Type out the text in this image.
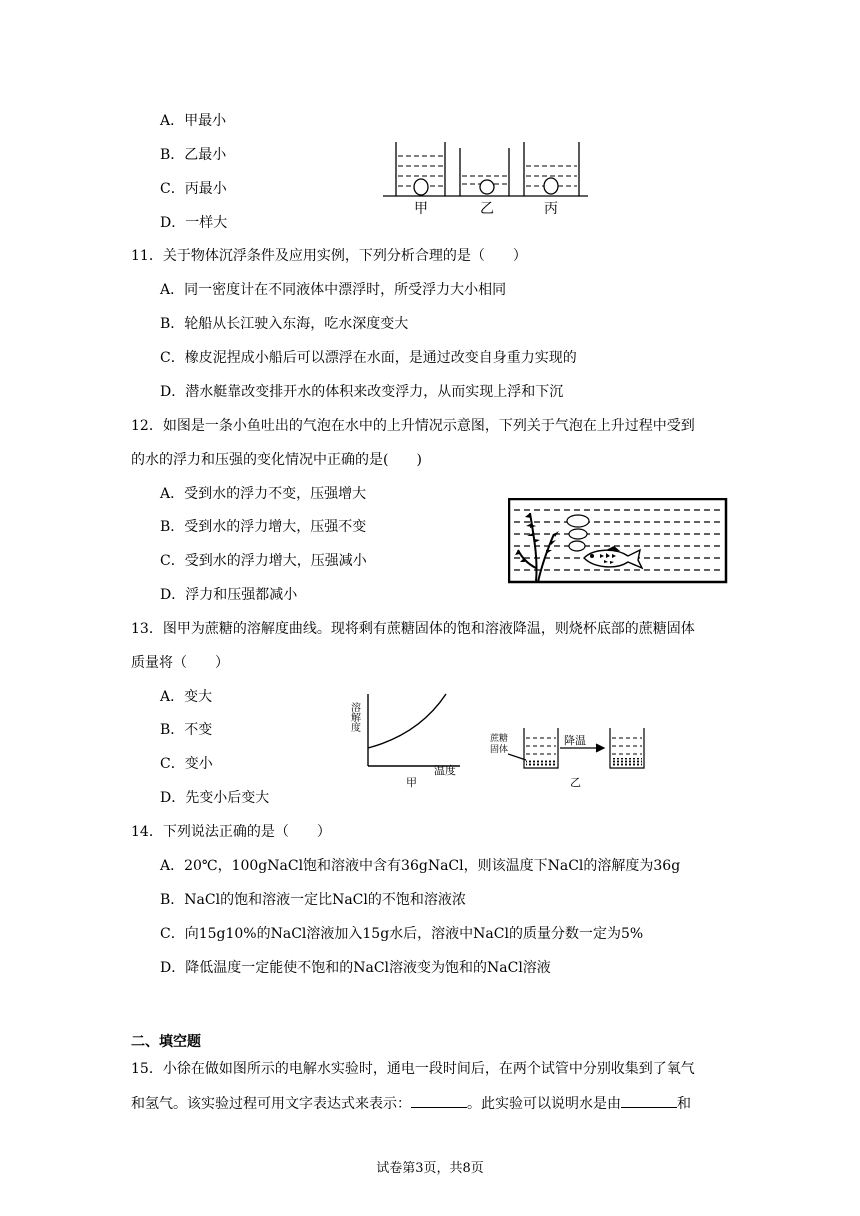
A．甲最小
B．乙最小
C．丙最小
D．一样大
甲	乙	丙
11．关于物体沉浮条件及应用实例，下列分析合理的是（　　）
A．同一密度计在不同液体中漂浮时，所受浮力大小相同
B．轮船从长江驶入东海，吃水深度变大
C．橡皮泥捏成小船后可以漂浮在水面，是通过改变自身重力实现的
D．潜水艇靠改变排开水的体积来改变浮力，从而实现上浮和下沉
12．如图是一条小鱼吐出的气泡在水中的上升情况示意图，下列关于气泡在上升过程中受到
的水的浮力和压强的变化情况中正确的是(　　)
A．受到水的浮力不变，压强增大
B．受到水的浮力增大，压强不变
C．受到水的浮力增大，压强减小
D．浮力和压强都减小
13．图甲为蔗糖的溶解度曲线。现将剩有蔗糖固体的饱和溶液降温，则烧杯底部的蔗糖固体
质量将（　　）
A．变大
B．不变
C．变小
D．先变小后变大
溶解度
温度
甲	乙
降温
蔗糖
固体
14．下列说法正确的是（　　）
A．20℃，100gNaCl饱和溶液中含有36gNaCl，则该温度下NaCl的溶解度为36g
B．NaCl的饱和溶液一定比NaCl的不饱和溶液浓
C．向15g10%的NaCl溶液加入15g水后，溶液中NaCl的质量分数一定为5%
D．降低温度一定能使不饱和的NaCl溶液变为饱和的NaCl溶液
二、填空题
15．小徐在做如图所示的电解水实验时，通电一段时间后，在两个试管中分别收集到了氧气
和氢气。该实验过程可用文字表达式来表示：	。此实验可以说明水是由	和
试卷第3页，共8页
